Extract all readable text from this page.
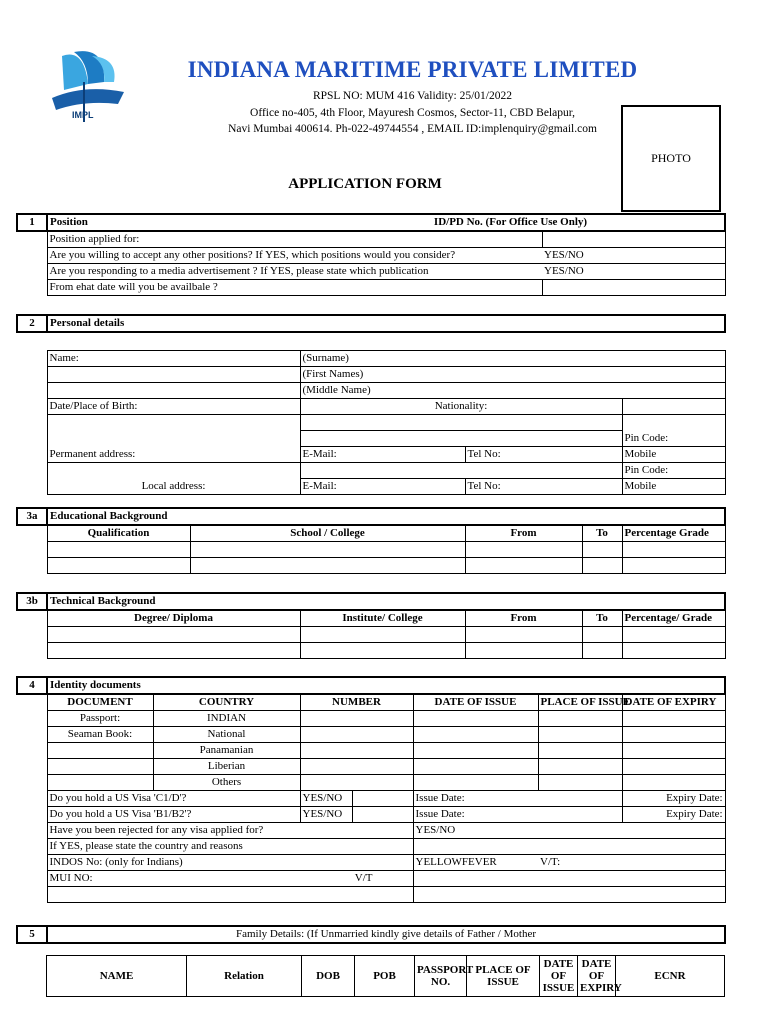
IMPL
INDIANA MARITIME PRIVATE LIMITED
RPSL NO: MUM 416 Validity: 25/01/2022
Office no-405, 4th Floor, Mayuresh Cosmos, Sector-11, CBD Belapur,
Navi Mumbai 400614. Ph-022-49744554 , EMAIL ID:implenquiry@gmail.com
PHOTO
APPLICATION FORM
1	Position	ID/PD No. (For Office Use Only)	
	Position applied for:		
	Are you willing to accept any other positions? If YES, which positions would you consider?		YES/NO
	Are you responding to a media advertisement ? If YES, please state which publication		YES/NO
	From ehat date will you be availbale ?		
2	Personal details			

	Name:	(Surname)		
		(First Names)		
		(Middle Name)		
	Date/Place of Birth:	Nationality:		

				Pin Code:
	Permanent address:	E-Mail:	Tel No:	Mobile
				Pin Code:
	Local address:	E-Mail:	Tel No:	Mobile
3a	Educational Background				
	Qualification	School / College	From	To	Percentage Grade

3b	Technical Background				
	Degree/ Diploma	Institute/ College	From	To	Percentage/ Grade

4	Identity documents						
	DOCUMENT	COUNTRY	NUMBER		DATE OF ISSUE	PLACE OF ISSUE	DATE OF EXPIRY
	Passport:	INDIAN					
	Seaman Book:	National					
		Panamanian					
		Liberian					
		Others					
	Do you hold a US Visa 'C1/D'?		YES/NO		Issue Date:		Expiry Date:
	Do you hold a US Visa 'B1/B2'?		YES/NO		Issue Date:		Expiry Date:
	Have you been rejected for any visa applied for?				YES/NO		
	If YES, please state the country and reasons						
	INDOS No: (only for Indians)				YELLOWFEVER	V/T:	
	MUI NO:	V/T					

5	Family Details: (If Unmarried kindly give details of Father / Mother
NAME	Relation	DOB	POB	PASSPORT NO.	PLACE OF ISSUE	DATE OF ISSUE	DATE OF EXPIRY	ECNR
